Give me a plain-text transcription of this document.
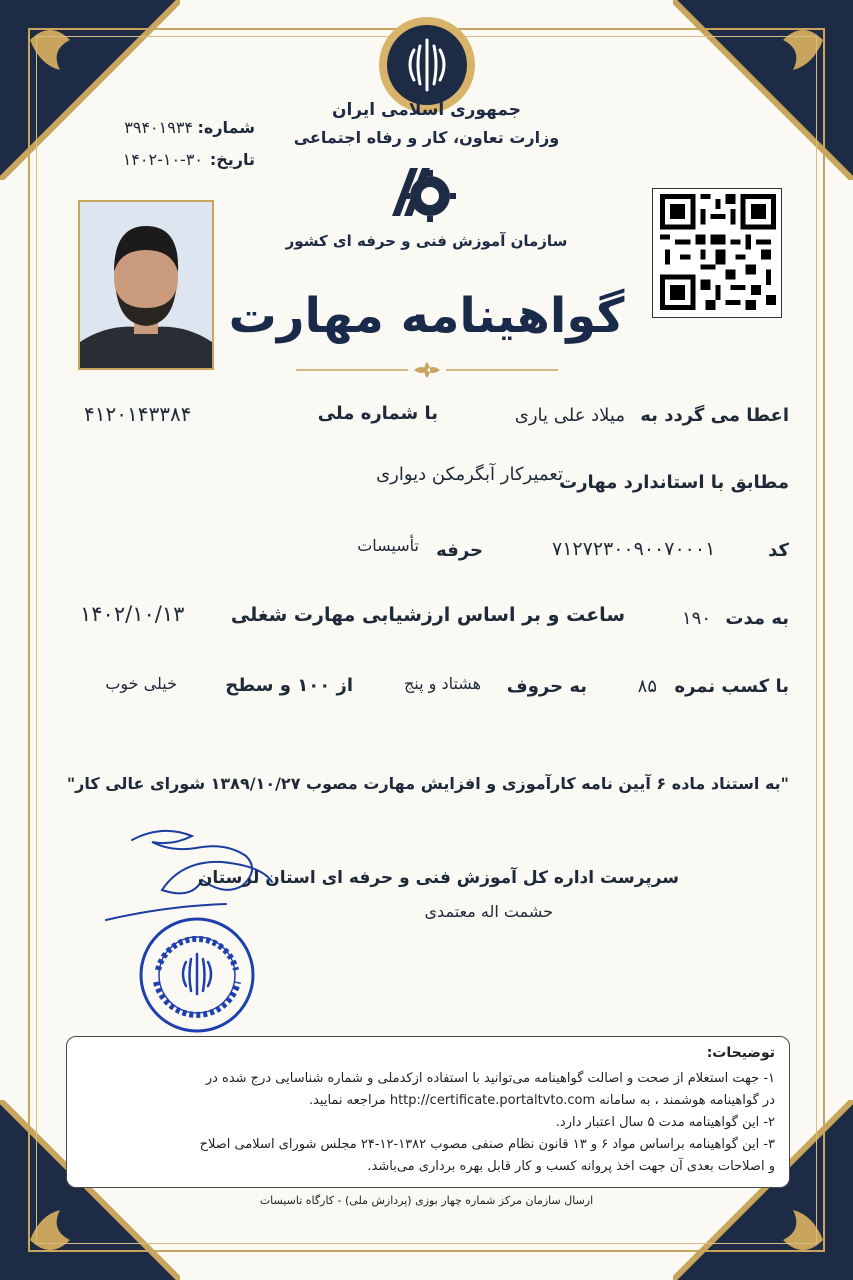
جمهوری اسلامی ایران
وزارت تعاون، کار و رفاه اجتماعی
شماره:
۳۹۴۰۱۹۳۴
تاریخ:
۱۴۰۲-۱۰-۳۰
سازمان آموزش فنی و حرفه ای کشور
گواهینامه مهارت
اعطا می گردد به
میلاد علی یاری
با شماره ملی
۴۱۲۰۱۴۳۳۸۴
مطابق با استاندارد مهارت
تعمیرکار آبگرمکن دیواری
کد
۷۱۲۷۲۳۰۰۹۰۰۷۰۰۰۱
حرفه
تأسیسات
به مدت
۱۹۰
ساعت و بر اساس ارزشیابی مهارت شغلی
۱۴۰۲/۱۰/۱۳
با کسب نمره
۸۵
به حروف
هشتاد و پنج
از ۱۰۰ و سطح
خیلی خوب
"به استناد ماده ۶ آیین نامه کارآموزی و افزایش مهارت مصوب ۱۳۸۹/۱۰/۲۷ شورای عالی کار"
سرپرست اداره کل آموزش فنی و حرفه ای استان لرستان
حشمت اله معتمدی
توضیحات:
۱- جهت استعلام از صحت و اصالت گواهینامه می‌توانید با استفاده ازکدملی و شماره شناسایی درج شده در
در گواهینامه هوشمند ، به سامانه http://certificate.portaltvto.com مراجعه نمایید.
۲- این گواهینامه مدت ۵ سال اعتبار دارد.
۳- این گواهینامه براساس مواد ۶ و ۱۳ قانون نظام صنفی مصوب ۱۳۸۲-۱۲-۲۴ مجلس شورای اسلامی اصلاح
و اصلاحات بعدی آن جهت اخذ پروانه کسب و کار قابل بهره برداری می‌باشد.
ارسال سازمان مرکز شماره چهار بوزی (پردازش ملی) - کارگاه تاسیسات
